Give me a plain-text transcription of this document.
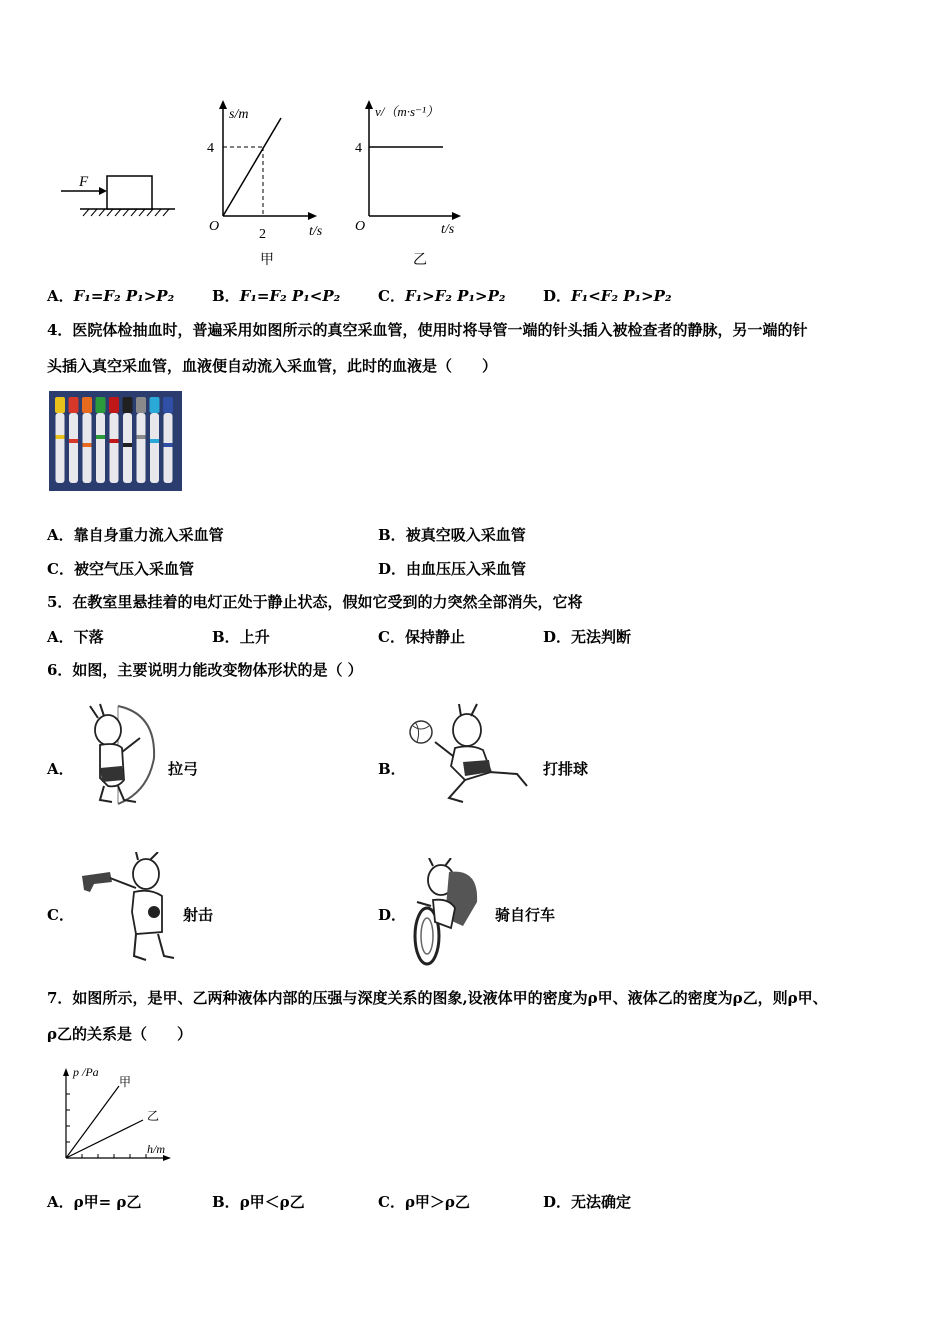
F
s/m
t/s
O
4
2
甲
v/（m·s⁻¹）
t/s
O
4
乙
A．F₁=F₂ P₁>P₂	B．F₁=F₂ P₁<P₂	C．F₁>F₂ P₁>P₂	D．F₁<F₂ P₁>P₂
4．医院体检抽血时，普遍采用如图所示的真空采血管，使用时将导管一端的针头插入被检查者的静脉，另一端的针
头插入真空采血管，血液便自动流入采血管，此时的血液是（　　）
A．靠自身重力流入采血管	B．被真空吸入采血管
C．被空气压入采血管	D．由血压压入采血管
5．在教室里悬挂着的电灯正处于静止状态，假如它受到的力突然全部消失，它将
A．下落	B．上升	C．保持静止	D．无法判断
6．如图，主要说明力能改变物体形状的是（ ）
A．	拉弓	B．	打排球
C．	射击	D．	骑自行车
7．如图所示，是甲、乙两种液体内部的压强与深度关系的图象,设液体甲的密度为ρ甲、液体乙的密度为ρ乙，则ρ甲、
ρ乙的关系是（　　）
p /Pa
h/m
甲
乙
A．ρ甲= ρ乙	B．ρ甲＜ρ乙	C．ρ甲＞ρ乙	D．无法确定
